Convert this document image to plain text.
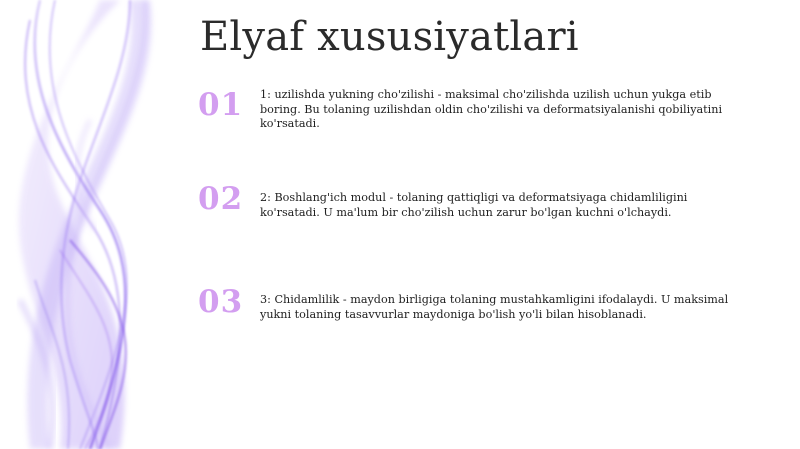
Elyaf xususiyatlari
01 1: uzilishda yukning cho'zilishi - maksimal cho'zilishda uzilish uchun yukga etib boring. Bu tolaning uzilishdan oldin cho'zilishi va deformatsiyalanishi qobiliyatini ko'rsatadi.
02 2: Boshlang'ich modul - tolaning qattiqligi va deformatsiyaga chidamliligini ko'rsatadi. U ma'lum bir cho'zilish uchun zarur bo'lgan kuchni o'lchaydi.
03 3: Chidamlilik - maydon birligiga tolaning mustahkamligini ifodalaydi. U maksimal yukni tolaning tasavvurlar maydoniga bo'lish yo'li bilan hisoblanadi.
